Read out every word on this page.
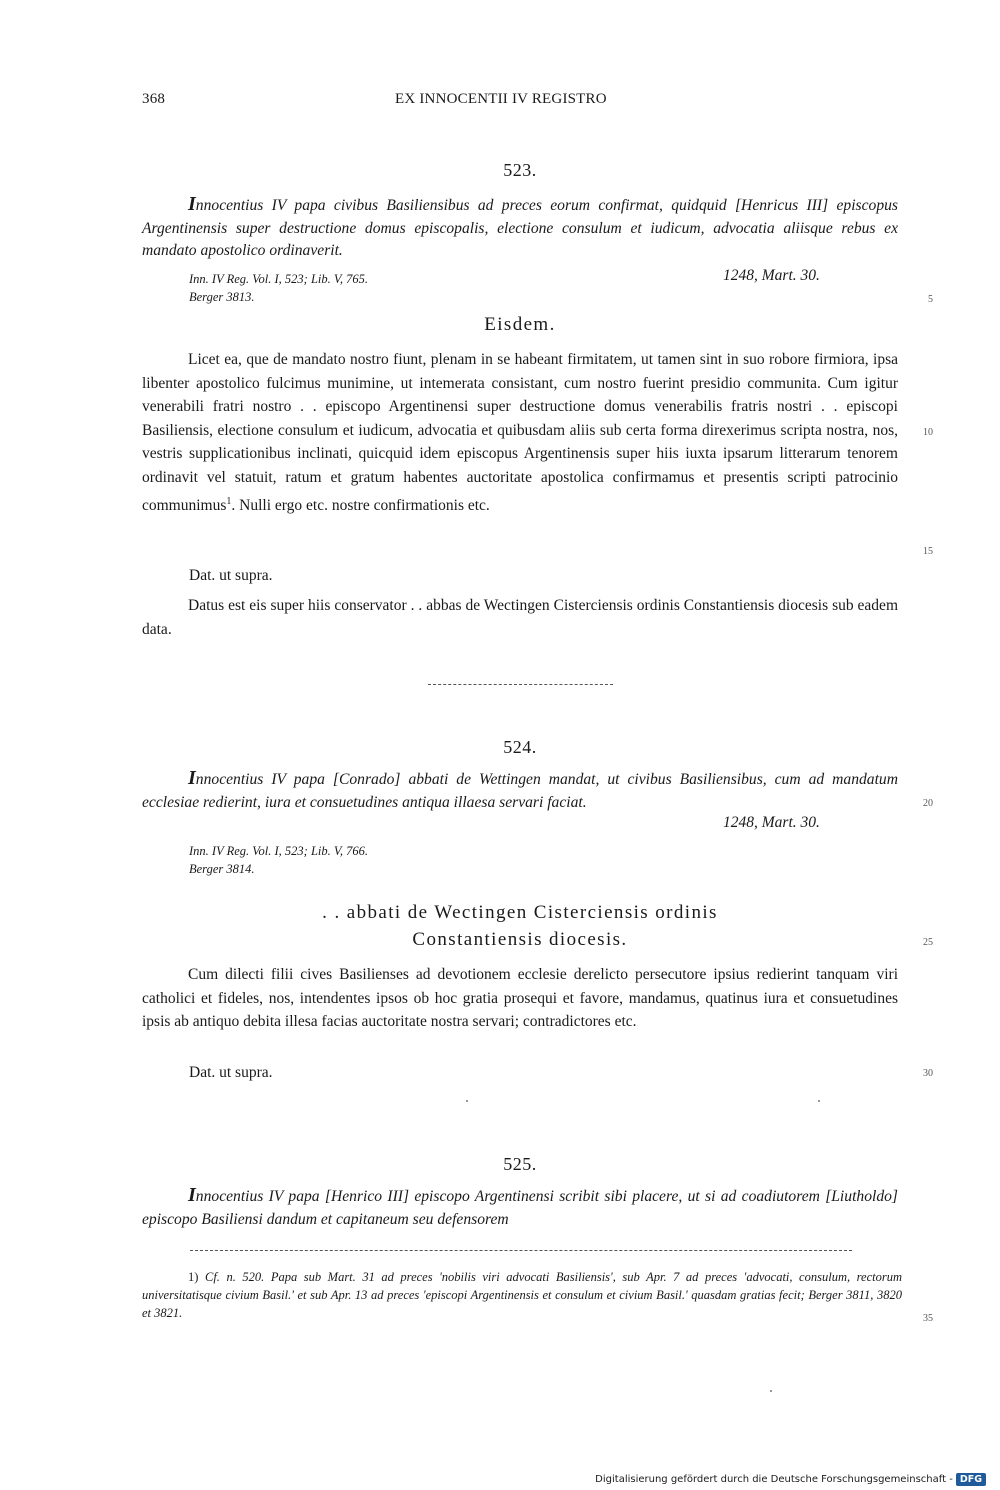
368	EX INNOCENTII IV REGISTRO
523.
Innocentius IV papa civibus Basiliensibus ad preces eorum confirmat, quidquid [Henricus III] episcopus Argentinensis super destructione domus episcopalis, electione consulum et iudicum, advocatia aliisque rebus ex mandato apostolico ordinaverit.
Inn. IV Reg. Vol. I, 523; Lib. V, 765.	1248, Mart. 30.
Berger 3813.
Eisdem.

Licet ea, que de mandato nostro fiunt, plenam in se habeant firmitatem, ut tamen sint in suo robore firmiora, ipsa libenter apostolico fulcimus munimine, ut intemerata consistant, cum nostro fuerint presidio communita. Cum igitur venerabili fratri nostro . . episcopo Argentinensi super destructione domus venerabilis fratris nostri . . episcopi Basiliensis, electione consulum et iudicum, advocatia et quibusdam aliis sub certa forma direxerimus scripta nostra, nos, vestris supplicationibus inclinati, quicquid idem episcopus Argentinensis super hiis iuxta ipsarum litterarum tenorem ordinavit vel statuit, ratum et gratum habentes auctoritate apostolica confirmamus et presentis scripti patrocinio communimus$^1$. Nulli ergo etc. nostre confirmationis etc.

Dat. ut supra.
Datus est eis super hiis conservator . . abbas de Wectingen Cisterciensis ordinis Constantiensis diocesis sub eadem data.
524.
Innocentius IV papa [Conrado] abbati de Wettingen mandat, ut civibus Basiliensibus, cum ad mandatum ecclesiae redierint, iura et consuetudines antiqua illaesa servari faciat.
1248, Mart. 30.
Inn. IV Reg. Vol. I, 523; Lib. V, 766.
Berger 3814.
. . abbati de Wectingen Cisterciensis ordinis
Constantiensis diocesis.
Cum dilecti filii cives Basilienses ad devotionem ecclesie derelicto persecutore ipsius redierint tanquam viri catholici et fideles, nos, intendentes ipsos ob hoc gratia prosequi et favore, mandamus, quatinus iura et consuetudines ipsis ab antiquo debita illesa facias auctoritate nostra servari; contradictores etc.
Dat. ut supra.
525.
Innocentius IV papa [Henrico III] episcopo Argentinensi scribit sibi placere, ut si ad coadiutorem [Liutholdo] episcopo Basiliensi dandum et capitaneum seu defensorem
1) Cf. n. 520. Papa sub Mart. 31 ad preces 'nobilis viri advocati Basiliensis', sub Apr. 7 ad preces 'advocati, consulum, rectorum universitatisque civium Basil.' et sub Apr. 13 ad preces 'episcopi Argentinensis et consulum et civium Basil.' quasdam gratias fecit; Berger 3811, 3820 et 3821.
5
10
15
20
25
30
35
Digitalisierung gefördert durch die Deutsche Forschungsgemeinschaft - DFG
